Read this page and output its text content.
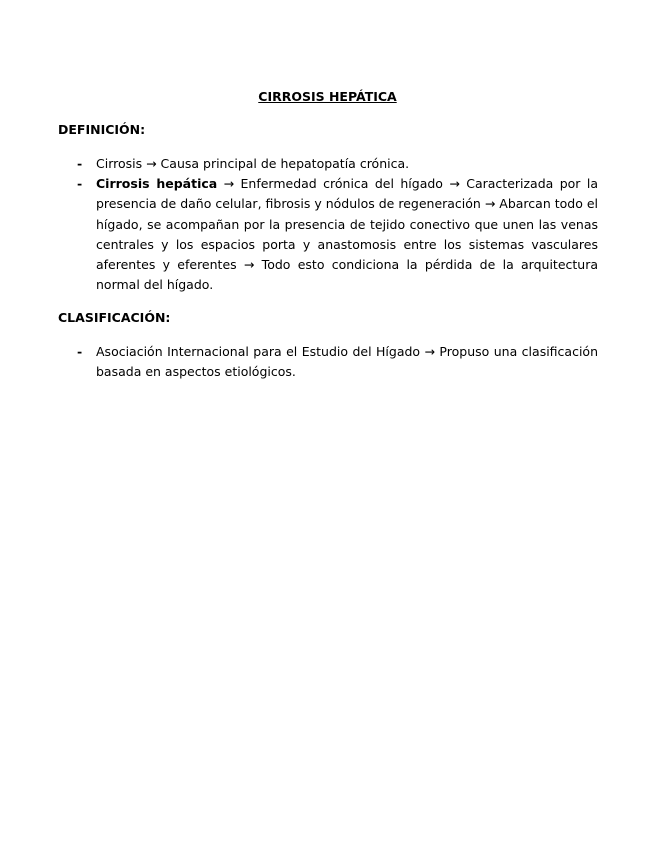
CIRROSIS HEPÁTICA
DEFINICIÓN:
- Cirrosis → Causa principal de hepatopatía crónica.
- Cirrosis hepática → Enfermedad crónica del hígado → Caracterizada por la presencia de daño celular, fibrosis y nódulos de regeneración → Abarcan todo el hígado, se acompañan por la presencia de tejido conectivo que unen las venas centrales y los espacios porta y anastomosis entre los sistemas vasculares aferentes y eferentes → Todo esto condiciona la pérdida de la arquitectura normal del hígado.
CLASIFICACIÓN:
- Asociación Internacional para el Estudio del Hígado → Propuso una clasificación basada en aspectos etiológicos.
